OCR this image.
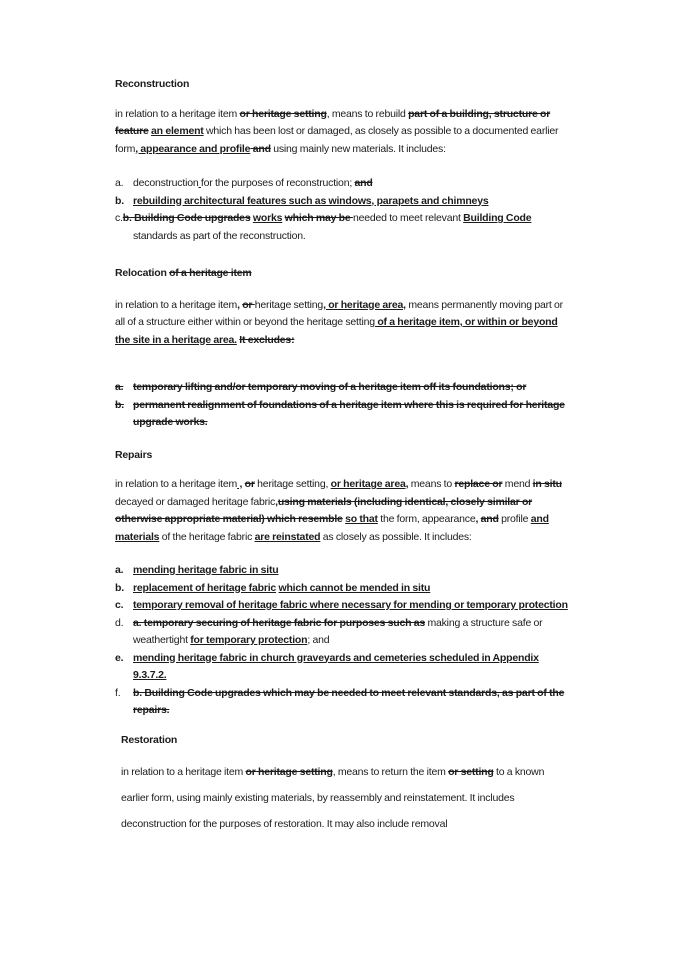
Reconstruction

in relation to a heritage item or heritage setting, means to rebuild part of a building, structure or feature an element which has been lost or damaged, as closely as possible to a documented earlier form, appearance and profile and using mainly new materials. It includes:

a. deconstruction for the purposes of reconstruction; and
b. rebuilding architectural features such as windows, parapets and chimneys
c.b. Building Code upgrades works which may be needed to meet relevant Building Code standards as part of the reconstruction.
Relocation of a heritage item

in relation to a heritage item, or heritage setting, or heritage area, means permanently moving part or all of a structure either within or beyond the heritage setting of a heritage item, or within or beyond the site in a heritage area. It excludes:

a. temporary lifting and/or temporary moving of a heritage item off its foundations; or
b. permanent realignment of foundations of a heritage item where this is required for heritage upgrade works.
Repairs

in relation to a heritage item , or heritage setting, or heritage area, means to replace or mend in situ decayed or damaged heritage fabric,using materials (including identical, closely similar or otherwise appropriate material) which resemble so that the form, appearance, and profile and materials of the heritage fabric are reinstated as closely as possible. It includes:

a. mending heritage fabric in situ
b. replacement of heritage fabric which cannot be mended in situ
c. temporary removal of heritage fabric where necessary for mending or temporary protection
d. a. temporary securing of heritage fabric for purposes such as making a structure safe or weathertight for temporary protection; and
e. mending heritage fabric in church graveyards and cemeteries scheduled in Appendix 9.3.7.2.
f. b. Building Code upgrades which may be needed to meet relevant standards, as part of the repairs.
Restoration

in relation to a heritage item or heritage setting, means to return the item or setting to a known earlier form, using mainly existing materials, by reassembly and reinstatement. It includes deconstruction for the purposes of restoration. It may also include removal
